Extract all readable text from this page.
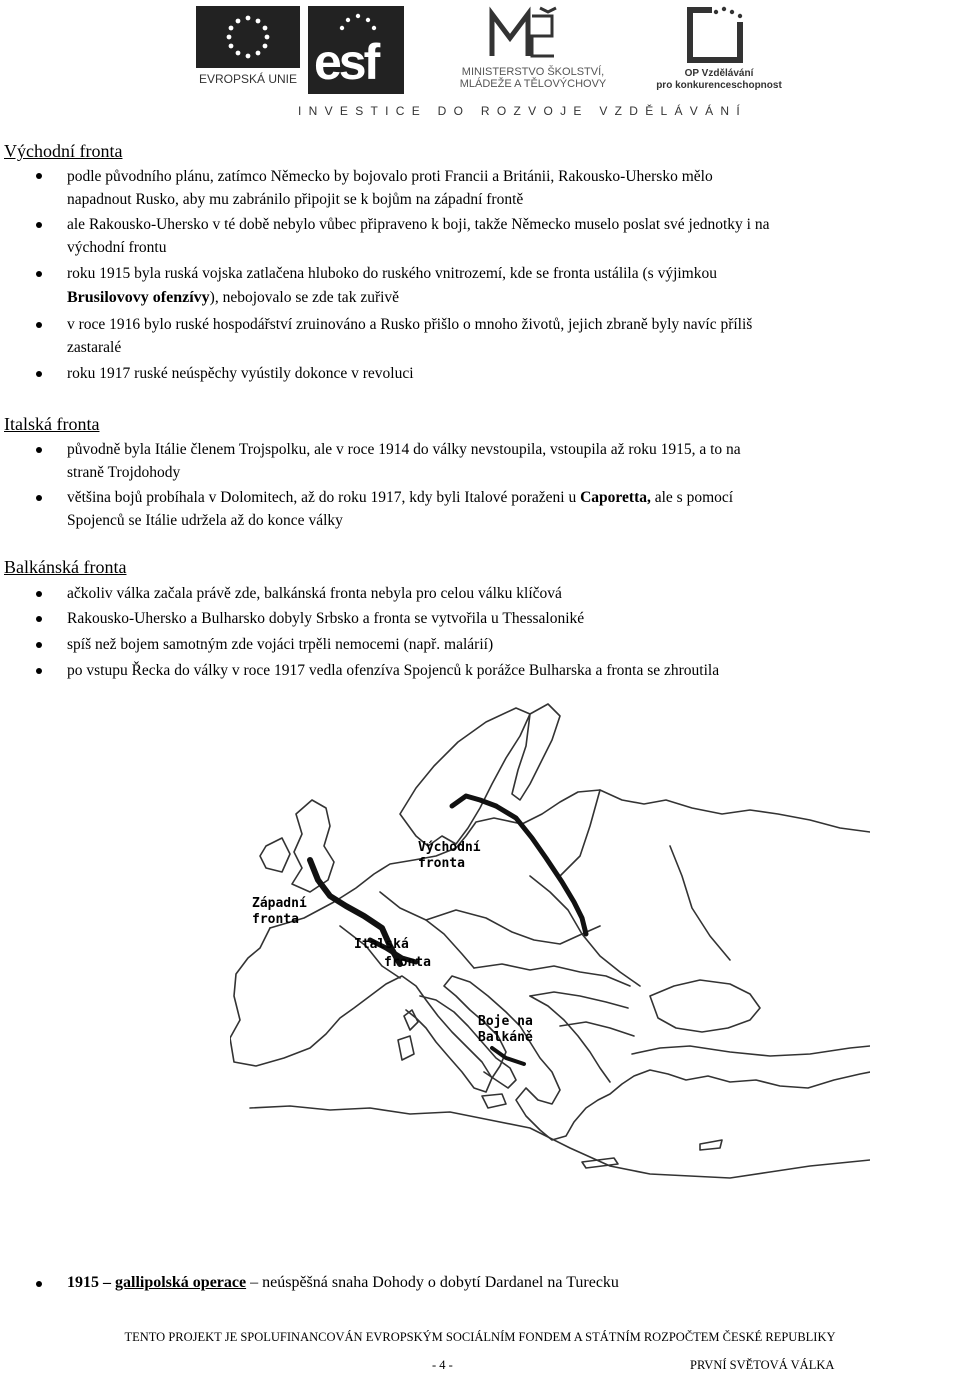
EVROPSKÁ UNIE esf	MINISTERSTVO ŠKOLSTVÍ,
MLÁDEŽE A TĚLOVÝCHOVY
OP Vzdělávání
pro konkurenceschopnost
INVESTICE DO ROZVOJE VZDĚLÁVÁNÍ
Východní fronta
podle původního plánu, zatímco Německo by bojovalo proti Francii a Británii, Rakousko-Uhersko mělo
napadnout Rusko, aby mu zabránilo připojit se k bojům na západní frontě
ale Rakousko-Uhersko v té době nebylo vůbec připraveno k boji, takže Německo muselo poslat své jednotky i na
východní frontu
roku 1915 byla ruská vojska zatlačena hluboko do ruského vnitrozemí, kde se fronta ustálila (s výjimkou
Brusilovovy ofenzívy), nebojovalo se zde tak zuřivě
v roce 1916 bylo ruské hospodářství zruinováno a Rusko přišlo o mnoho životů, jejich zbraně byly navíc příliš
zastaralé
roku 1917 ruské neúspěchy vyústily dokonce v revoluci
Italská fronta
původně byla Itálie členem Trojspolku, ale v roce 1914 do války nevstoupila, vstoupila až roku 1915, a to na
straně Trojdohody
většina bojů probíhala v Dolomitech, až do roku 1917, kdy byli Italové poraženi u Caporetta, ale s pomocí
Spojenců se Itálie udržela až do konce války
Balkánská fronta
ačkoliv válka začala právě zde, balkánská fronta nebyla pro celou válku klíčová
Rakousko-Uhersko a Bulharsko dobyly Srbsko a fronta se vytvořila u Thessaloniké
spíš než bojem samotným zde vojáci trpěli nemocemi (např. malárií)
po vstupu Řecka do války v roce 1917 vedla ofenzíva Spojenců k porážce Bulharska a fronta se zhroutila
Východní
fronta
Západní
fronta
Italská
fronta
Boje na
Balkáně
1915 – gallipolská operace – neúspěšná snaha Dohody o dobytí Dardanel na Turecku
TENTO PROJEKT JE SPOLUFINANCOVÁN EVROPSKÝM SOCIÁLNÍM FONDEM A STÁTNÍM ROZPOČTEM ČESKÉ REPUBLIKY
- 4 -	PRVNÍ SVĚTOVÁ VÁLKA
